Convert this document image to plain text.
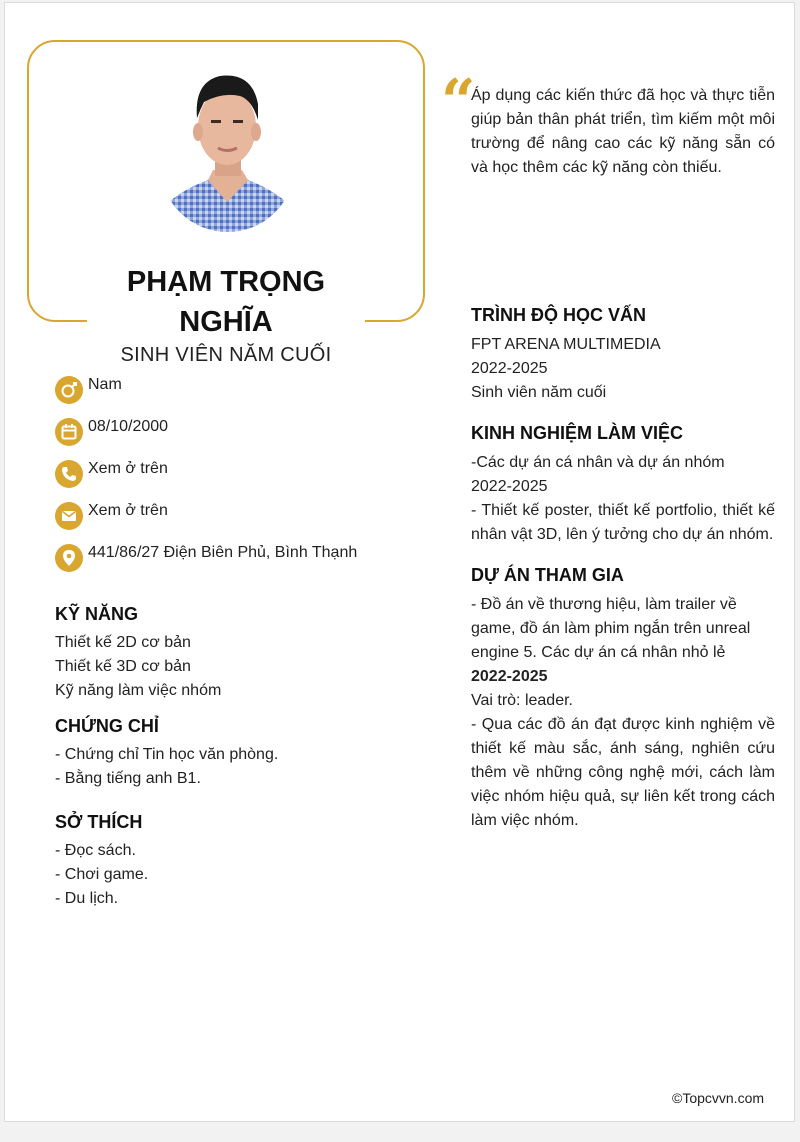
PHẠM TRỌNG
NGHĨA
SINH VIÊN NĂM CUỐI
Nam
08/10/2000
Xem ở trên
Xem ở trên
441/86/27 Điện Biên Phủ, Bình Thạnh
KỸ NĂNG
Thiết kế 2D cơ bản
Thiết kế 3D cơ bản
Kỹ năng làm việc nhóm
CHỨNG CHỈ
- Chứng chỉ Tin học văn phòng.
- Bằng tiếng anh B1.
SỞ THÍCH
- Đọc sách.
- Chơi game.
- Du lịch.
“
Áp dụng các kiến thức đã học và thực tiễn giúp bản thân phát triển, tìm kiếm một môi trường để nâng cao các kỹ năng sẵn có và học thêm các kỹ năng còn thiếu.
TRÌNH ĐỘ HỌC VẤN
FPT ARENA MULTIMEDIA
2022-2025
Sinh viên năm cuối
KINH NGHIỆM LÀM VIỆC
-Các dự án cá nhân và dự án nhóm
2022-2025
- Thiết kế poster, thiết kế portfolio, thiết kế nhân vật 3D, lên ý tưởng cho dự án nhóm.
DỰ ÁN THAM GIA
- Đồ án về thương hiệu, làm trailer về game, đồ án làm phim ngắn trên unreal engine 5. Các dự án cá nhân nhỏ lẻ
2022-2025
Vai trò: leader.
- Qua các đồ án đạt được kinh nghiệm về thiết kế màu sắc, ánh sáng, nghiên cứu thêm về những công nghệ mới, cách làm việc nhóm hiệu quả, sự liên kết trong cách làm việc nhóm.
©Topcvvn.com
